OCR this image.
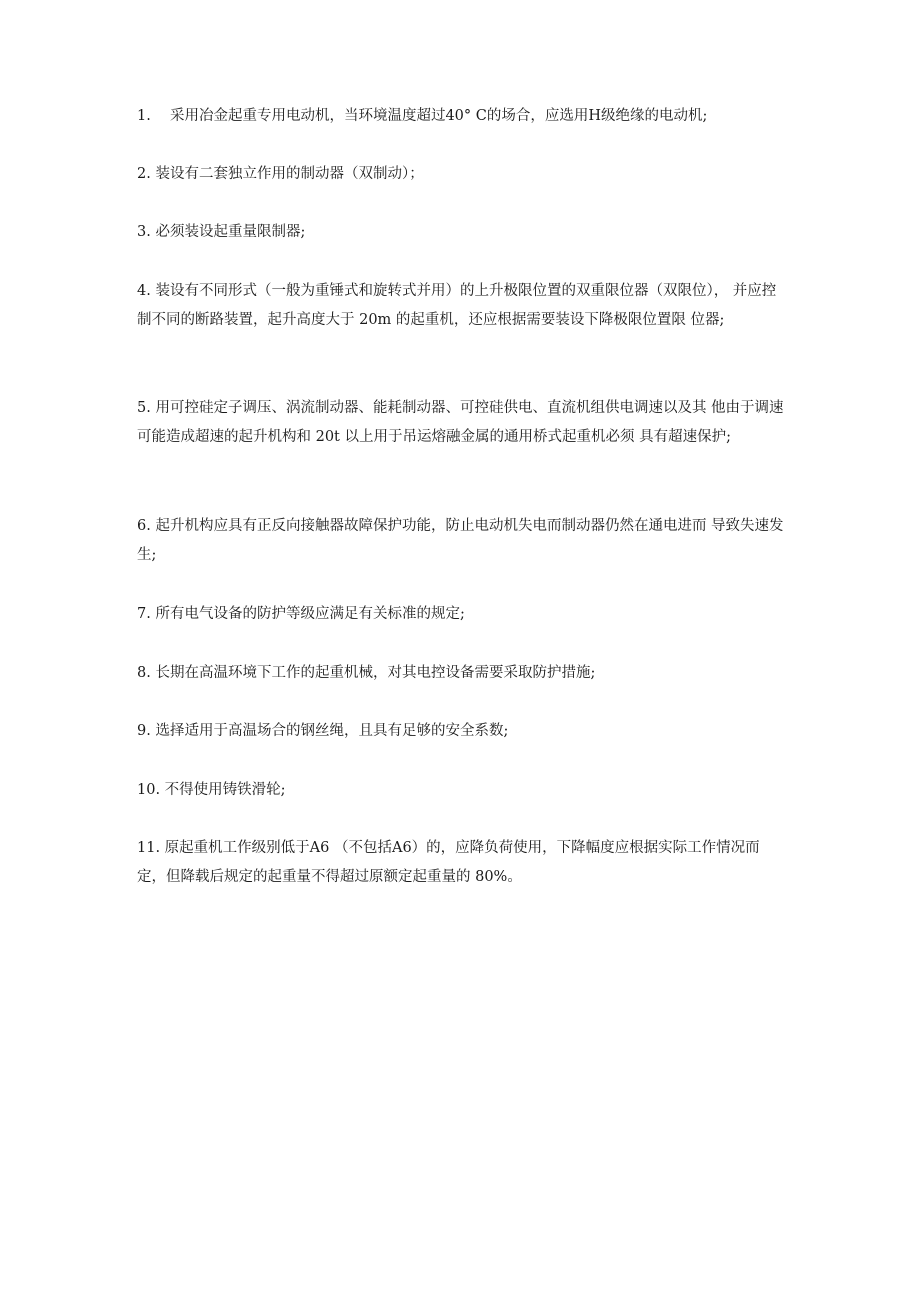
1.　 采用冶金起重专用电动机，当环境温度超过40° C的场合，应选用H级绝缘的电动机;

2. 装设有二套独立作用的制动器（双制动）；

3. 必须装设起重量限制器;

4. 装设有不同形式（一般为重锤式和旋转式并用）的上升极限位置的双重限位器（双限位）， 并应控制不同的断路装置，起升高度大于 20m 的起重机，还应根据需要装设下降极限位置限 位器;

5. 用可控硅定子调压、涡流制动器、能耗制动器、可控硅供电、直流机组供电调速以及其 他由于调速可能造成超速的起升机构和 20t 以上用于吊运熔融金属的通用桥式起重机必须 具有超速保护;

6. 起升机构应具有正反向接触器故障保护功能，防止电动机失电而制动器仍然在通电进而 导致失速发生;

7. 所有电气设备的防护等级应满足有关标准的规定;

8. 长期在高温环境下工作的起重机械，对其电控设备需要采取防护措施;

9. 选择适用于高温场合的钢丝绳，且具有足够的安全系数;

10. 不得使用铸铁滑轮;

11. 原起重机工作级别低于A6 （不包括A6）的，应降负荷使用，下降幅度应根据实际工作情况而定，但降载后规定的起重量不得超过原额定起重量的 80%。
